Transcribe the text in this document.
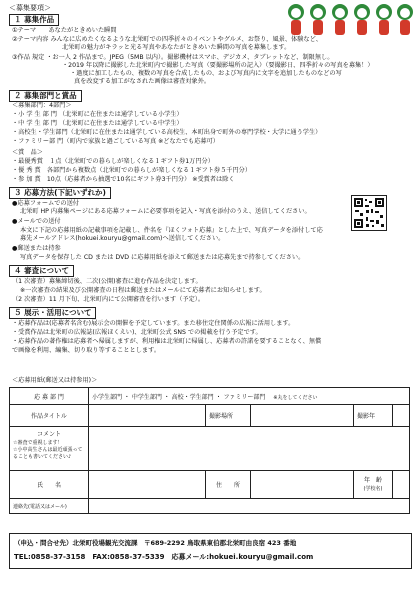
＜募集要項＞
１ 募集作品
①テーマ　　あなたがときめいた瞬間
②テーマ内容 みんなに広めたくなるような北栄町での四季折々のイベントやグルメ、お祭り、風景、体験など、
北栄町の魅力がキラッと光る写真やあなたがときめいた瞬間の写真を募集します。
③作品 規定 ・お一人 2 作品まで。JPEG（5MB 以内）。撮影機材はスマホ、デジカメ、タブレットなど、制限無し。
・2019 年以降に撮影した北栄町内で撮影した写真（要撮影場所の記入）（要撮影日、四季折々の写真を募集！）
・過度に加工したもの、複数の写真を合成したもの、および写真内に文字を追加したものなどの写
真を改変する加工がなされた画像は審査対象外。
２ 募集部門と賞品
＜募集部門：4部門＞
・小 学 生 部 門 （北栄町に在住または通学している小学生）
・中 学 生 部 門 （北栄町に在住または通学している中学生）
・高校生・学生部門（北栄町に在住または通学している高校生、本町出身で町外の専門学校・大学に通う学生）
・ファミリー部 門（町内で家族と過ごしている写真 ※どなたでも応募可）
＜賞　品＞
・最優秀賞　１点（北栄町での暮らしが楽しくなる１ギフト券1万円分）
・優 秀 賞　各部門から複数点（北栄町での暮らしが楽しくなる１ギフト券５千円分）
・参 加 賞　10点（応募者から抽選で10名にギフト券3千円分） ※受賞者は除く
３ 応募方法(下記いずれか)
●応募フォームでの送付
北栄町 HP 内募集ページにある応募フォームに必要事項を記入・写真を添付のうえ、送信してください。
●メールでの送付
本文に下記の応募用紙の記載事項を記載し、件名を『ほくフォト応募』とした上で、写真データを添付して応
募先メールアドレス(hokuei.kouryu@gmail.com)へ送信してください。
●郵送または持参
写真データを保存した CD または DVD に応募用紙を添えて郵送または応募先まで持参してください。
４ 審査について
（1 次審査）募集締切後、二次(公開)審査に進む作品を決定します。
※一次審査の結果及び公開審査の日程は郵送またはメールにて応募者にお知らせします。
（2 次審査）11 月下旬、北栄町内にて公開審査を行います（予定）。
５ 展示・活用について
・応募作品は(応募者名含む)展示会の開催を予定しています。また移住定住関係の広報に活用します。
・受賞作品は北栄町の広報誌(広報ほくえい)、北栄町公式 SNS での掲載を行う予定です。
・応募作品の著作権は応募者へ帰属しますが、利用権は北栄町に帰属し、応募者の許諾を要することなく、無償
で画像を利用、編集、切り取り等することとします。
＜応募用紙(郵送又は持参用)＞
応 募 部 門	小学生部門 ・ 中学生部門 ・ 高校・学生部門 ・ ファミリー部門 ※丸をしてください				
作品タイトル		撮影場所		撮影年	

コメント
☆審査で重視します！
☆小中高生さんは最近頑張ってることも書いてください♪					

氏　　名		住　　所		年　齢
(学校名)	

連絡先(電話又はメール)					
（申込・問合せ先）北栄町役場観光交流課　〒689-2292 鳥取県東伯郡北栄町由良宿 423 番地
TEL:0858-37-3158　FAX:0858-37-5339　応募メール:hokuei.kouryu@gmail.com
